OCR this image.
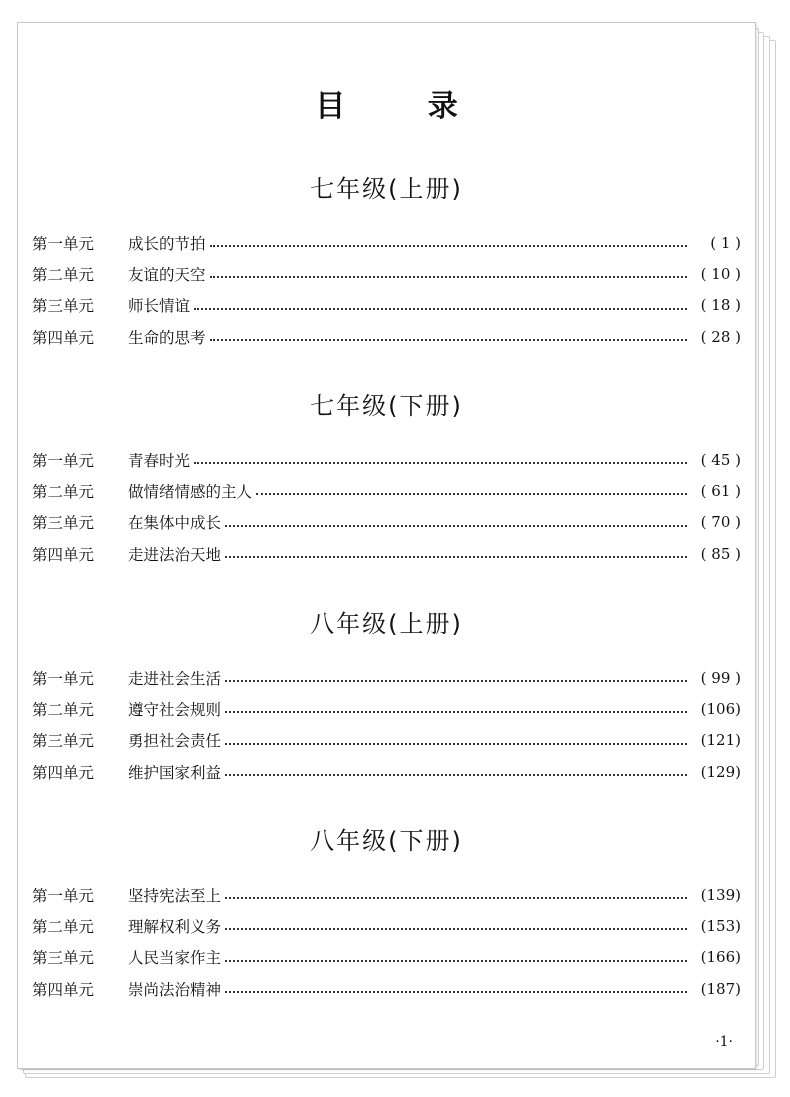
目 录
七年级(上册)
第一单元	成长的节拍	( 1 )
第二单元	友谊的天空	( 10 )
第三单元	师长情谊	( 18 )
第四单元	生命的思考	( 28 )
七年级(下册)
第一单元	青春时光	( 45 )
第二单元	做情绪情感的主人	( 61 )
第三单元	在集体中成长	( 70 )
第四单元	走进法治天地	( 85 )
八年级(上册)
第一单元	走进社会生活	( 99 )
第二单元	遵守社会规则	(106)
第三单元	勇担社会责任	(121)
第四单元	维护国家利益	(129)
八年级(下册)
第一单元	坚持宪法至上	(139)
第二单元	理解权利义务	(153)
第三单元	人民当家作主	(166)
第四单元	崇尚法治精神	(187)
·1·
